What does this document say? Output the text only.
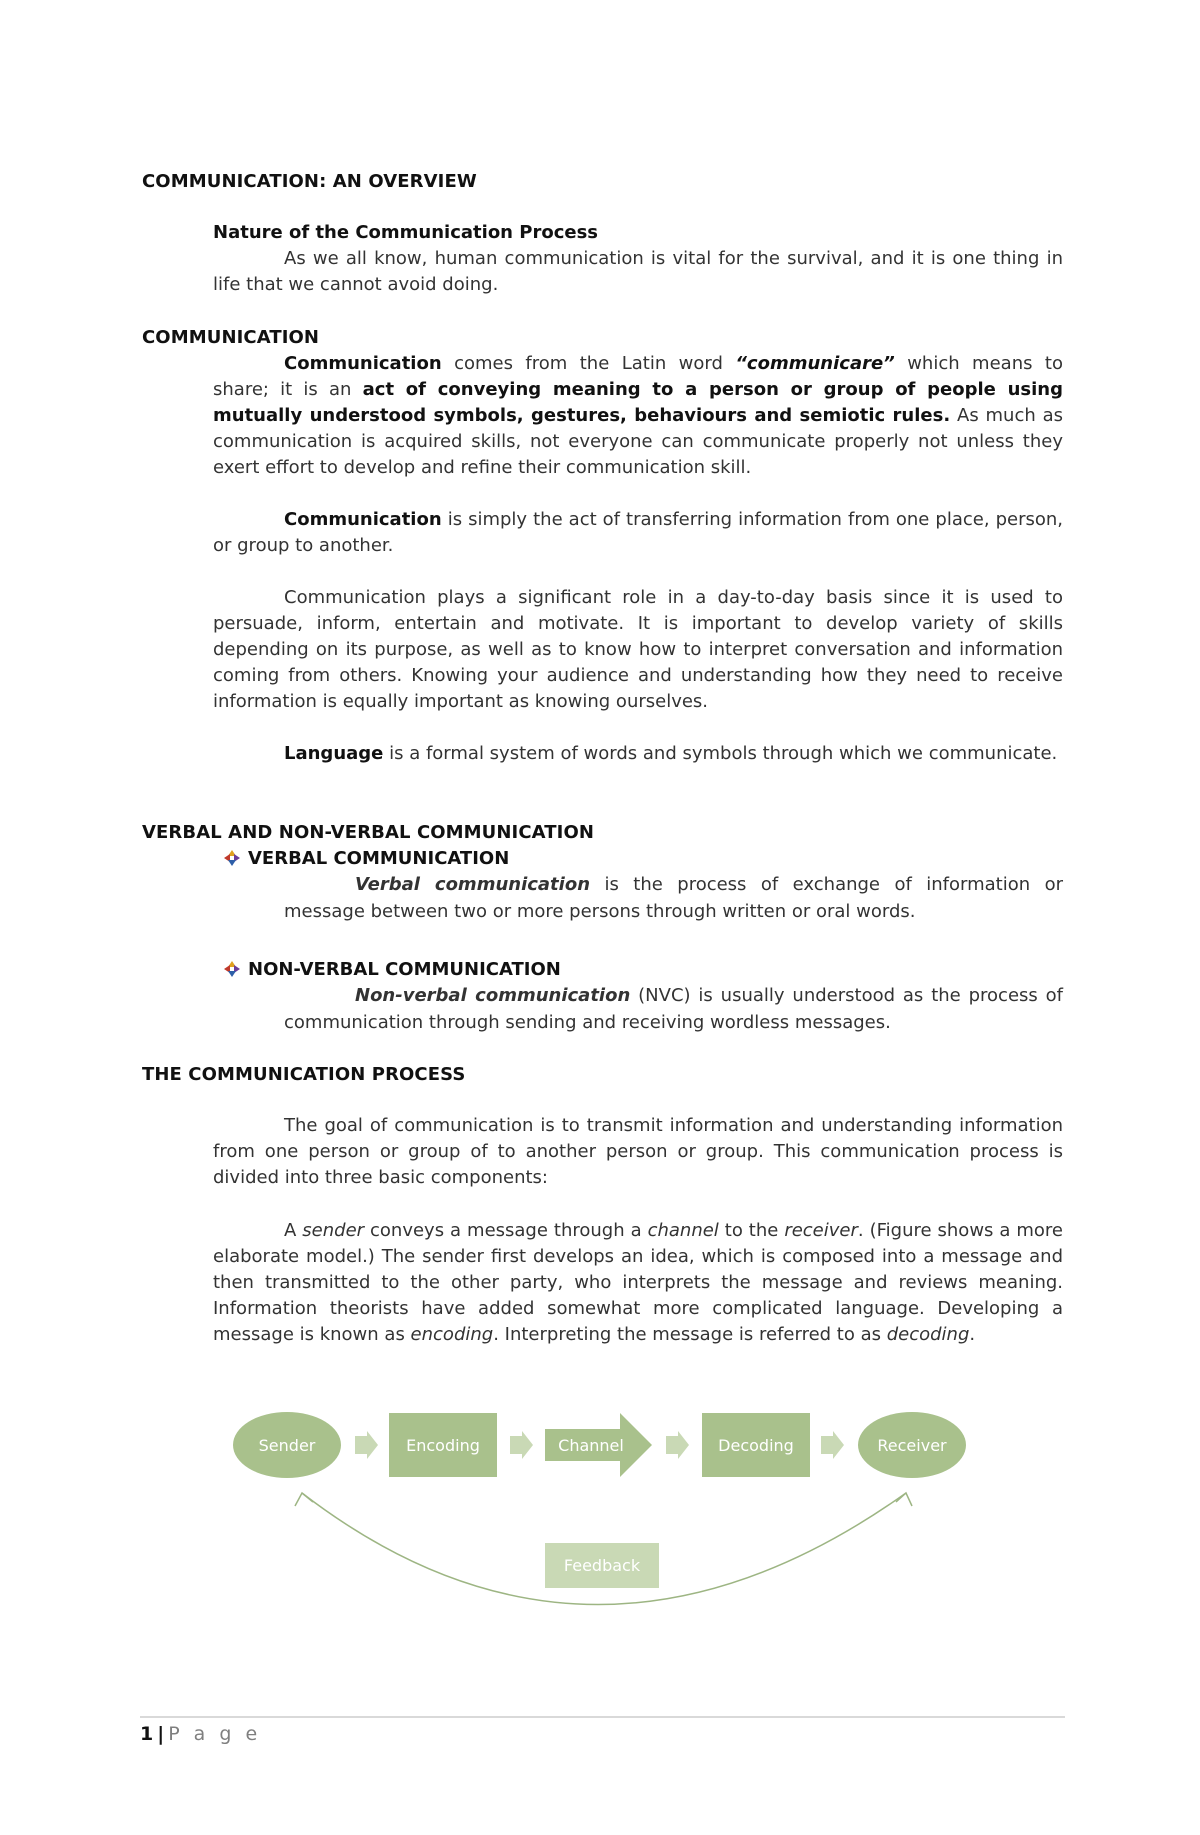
COMMUNICATION: AN OVERVIEW
Nature of the Communication Process

As we all know, human communication is vital for the survival, and it is one thing in life that we cannot avoid doing.

COMMUNICATION

Communication comes from the Latin word “communicare” which means to share; it is an act of conveying meaning to a person or group of people using mutually understood symbols, gestures, behaviours and semiotic rules. As much as communication is acquired skills, not everyone can communicate properly not unless they exert effort to develop and refine their communication skill.

Communication is simply the act of transferring information from one place, person, or group to another.

Communication plays a significant role in a day-to-day basis since it is used to persuade, inform, entertain and motivate. It is important to develop variety of skills depending on its purpose, as well as to know how to interpret conversation and information coming from others. Knowing your audience and understanding how they need to receive information is equally important as knowing ourselves.

Language is a formal system of words and symbols through which we communicate.

VERBAL AND NON-VERBAL COMMUNICATION
VERBAL COMMUNICATION

Verbal communication is the process of exchange of information or message between two or more persons through written or oral words.

NON-VERBAL COMMUNICATION

Non-verbal communication (NVC) is usually understood as the process of communication through sending and receiving wordless messages.

THE COMMUNICATION PROCESS

The goal of communication is to transmit information and understanding information from one person or group of to another person or group. This communication process is divided into three basic components:

A sender conveys a message through a channel to the receiver. (Figure shows a more elaborate model.) The sender first develops an idea, which is composed into a message and then transmitted to the other party, who interprets the message and reviews meaning. Information theorists have added somewhat more complicated language. Developing a message is known as encoding. Interpreting the message is referred to as decoding.

Sender	Encoding	Channel	Decoding	Receiver
Feedback
1 | P a g e
